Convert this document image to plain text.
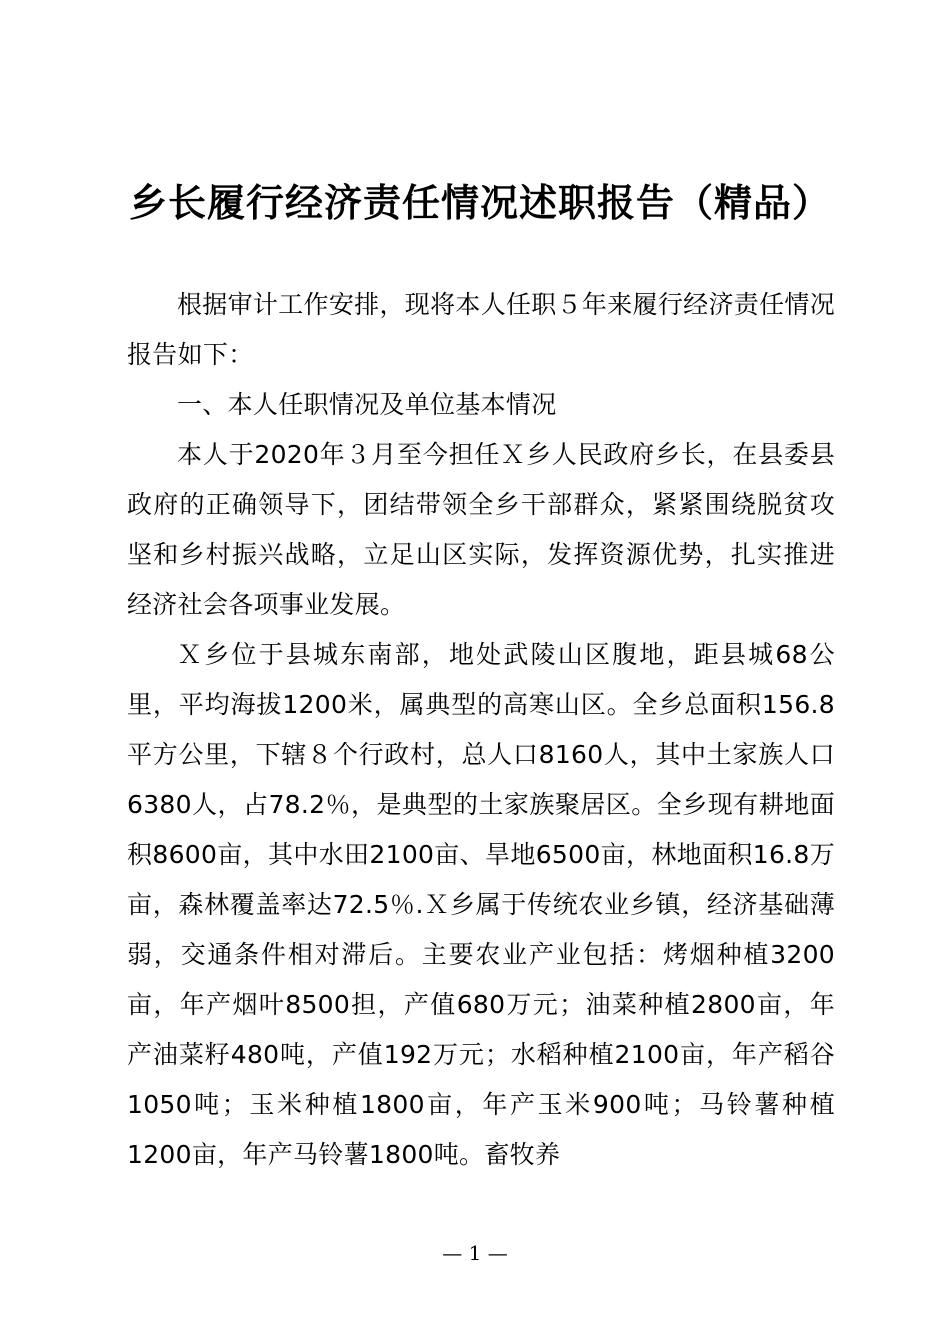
乡长履行经济责任情况述职报告（精品）

根据审计工作安排，现将本人任职５年来履行经济责任情况报告如下：

一、本人任职情况及单位基本情况

本人于2020年３月至今担任Ｘ乡人民政府乡长，在县委县政府的正确领导下，团结带领全乡干部群众，紧紧围绕脱贫攻坚和乡村振兴战略，立足山区实际，发挥资源优势，扎实推进经济社会各项事业发展。

Ｘ乡位于县城东南部，地处武陵山区腹地，距县城68公里，平均海拔1200米，属典型的高寒山区。全乡总面积156.8平方公里，下辖８个行政村，总人口8160人，其中土家族人口6380人，占78.2％，是典型的土家族聚居区。全乡现有耕地面积8600亩，其中水田2100亩、旱地6500亩，林地面积16.8万亩，森林覆盖率达72.5％.Ｘ乡属于传统农业乡镇，经济基础薄弱，交通条件相对滞后。主要农业产业包括：烤烟种植3200亩，年产烟叶8500担，产值680万元；油菜种植2800亩，年产油菜籽480吨，产值192万元；水稻种植2100亩，年产稻谷1050吨；玉米种植1800亩，年产玉米900吨；马铃薯种植1200亩，年产马铃薯1800吨。畜牧养

— 1 —
